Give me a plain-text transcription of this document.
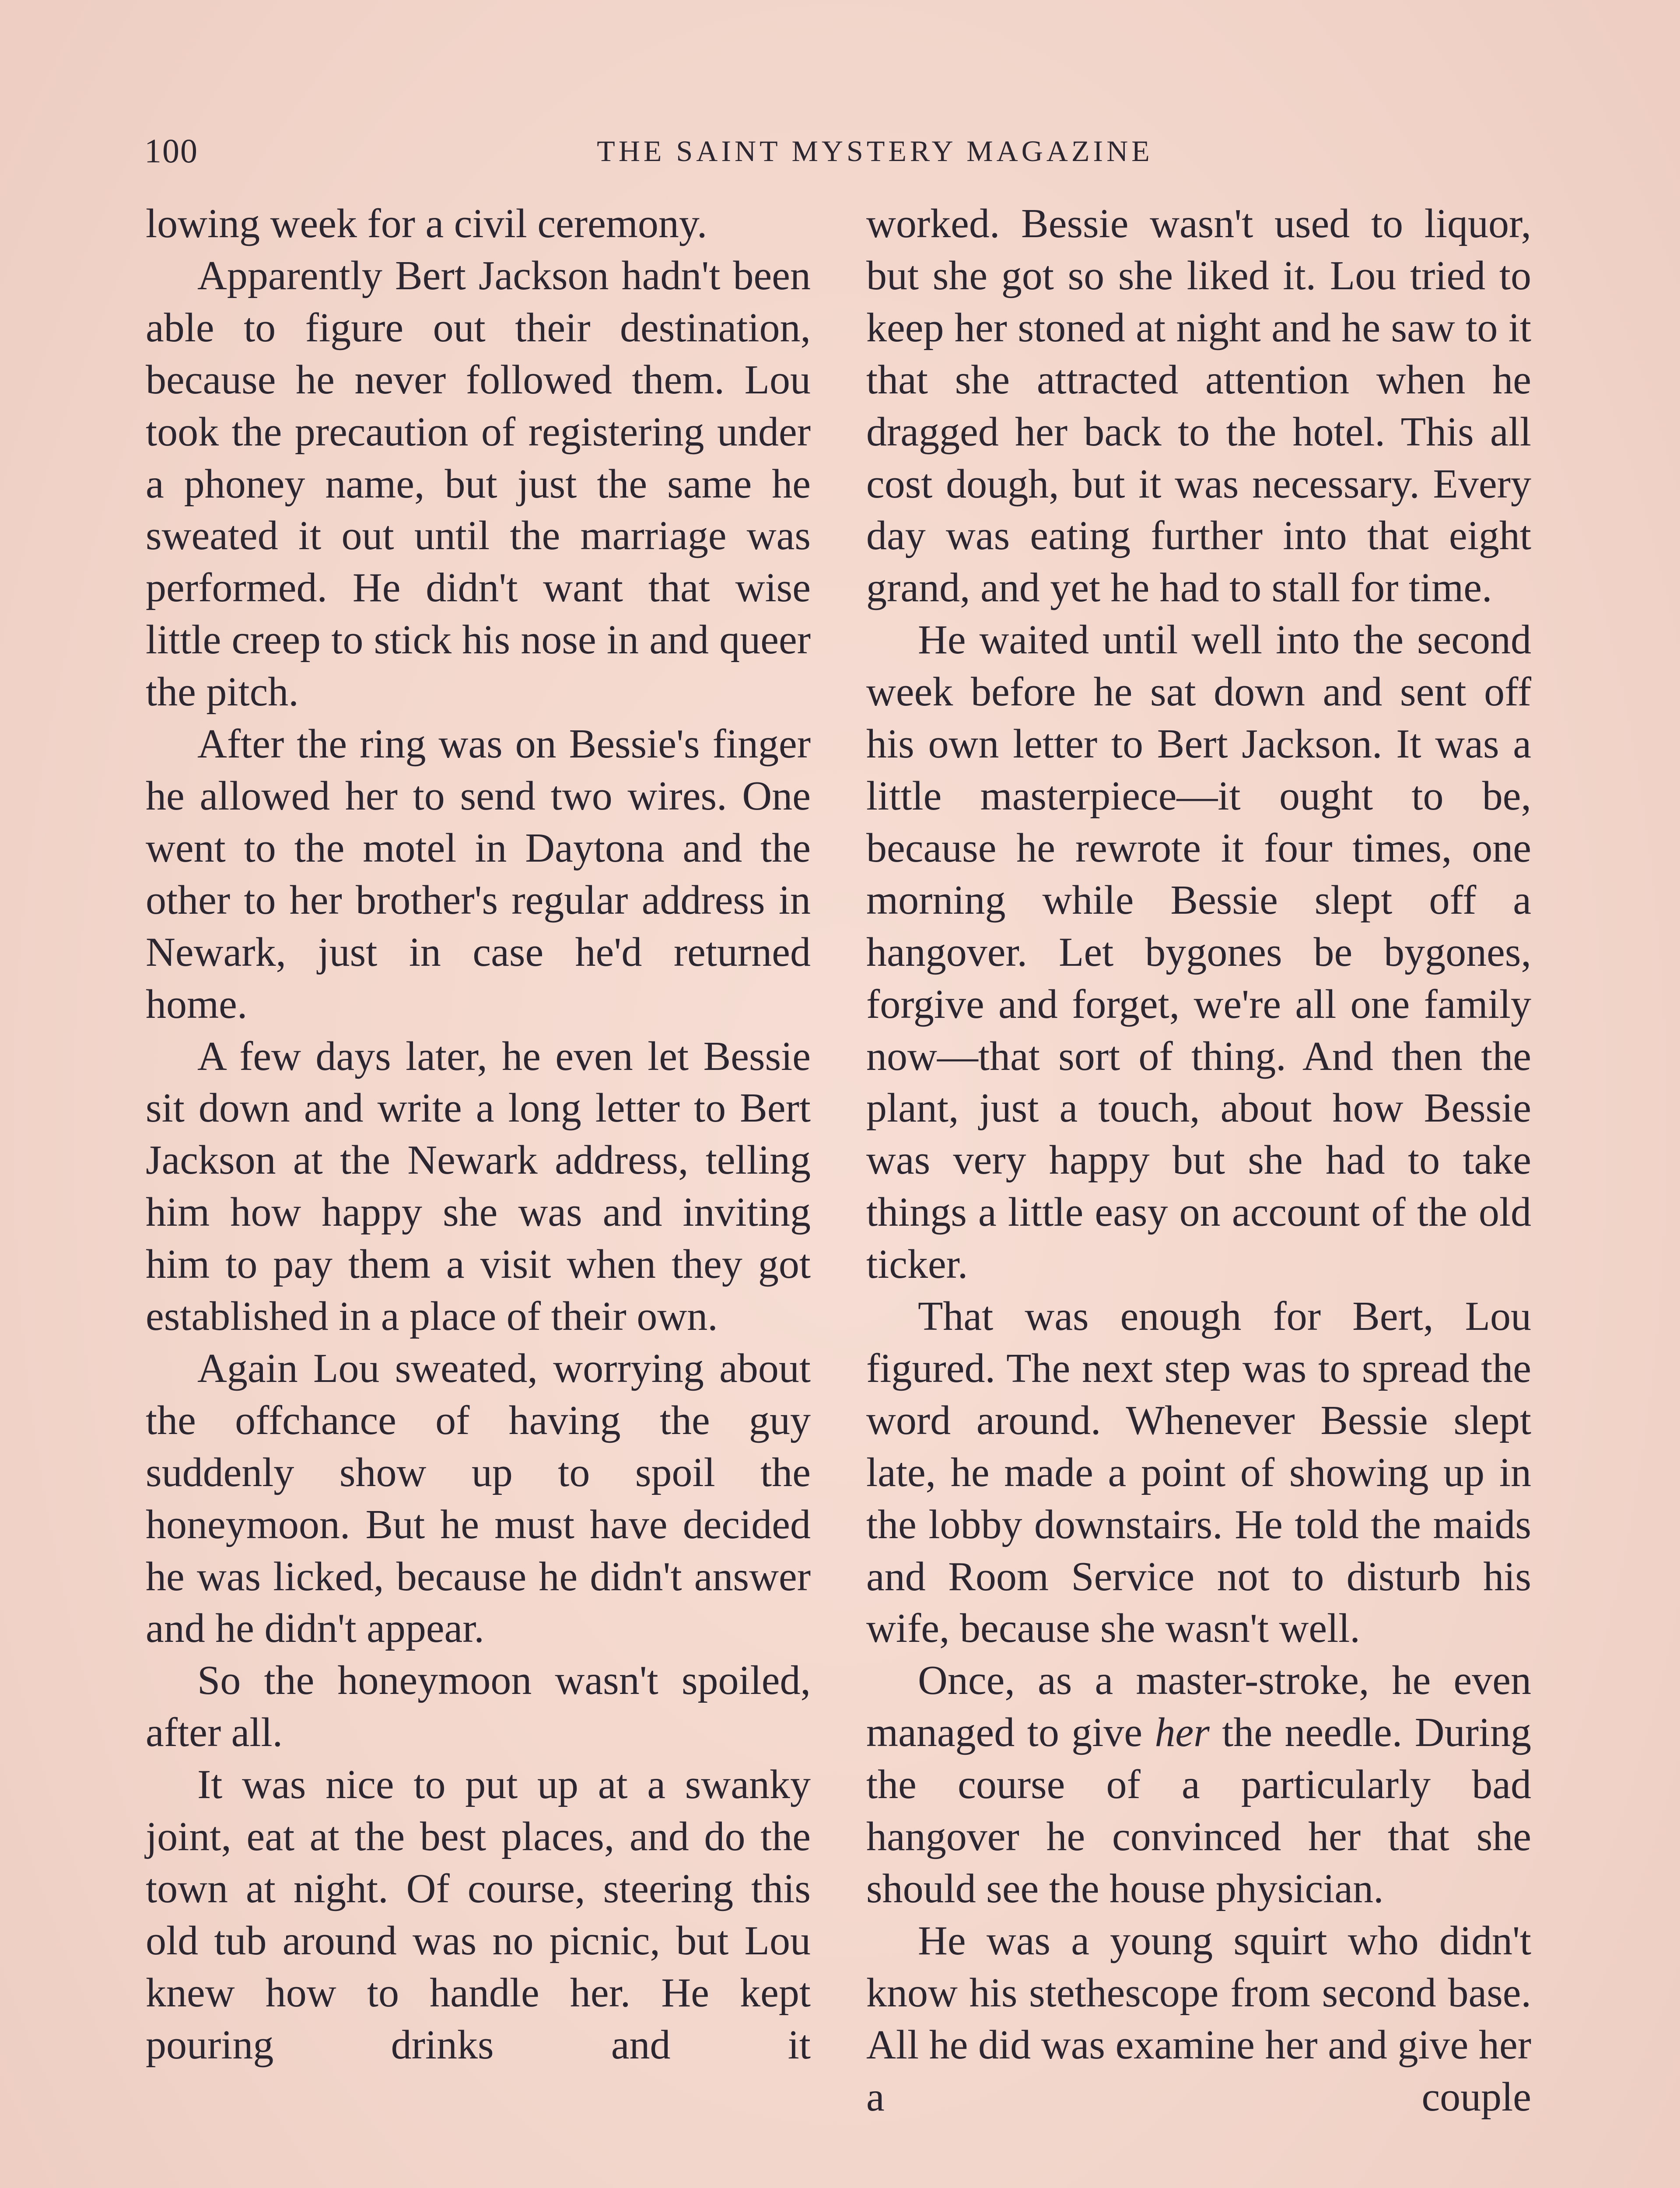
100	THE SAINT MYSTERY MAGAZINE

lowing week for a civil ceremony.

Apparently Bert Jackson hadn't been able to figure out their destination, because he never followed them. Lou took the precaution of registering under a phoney name, but just the same he sweated it out until the marriage was performed. He didn't want that wise little creep to stick his nose in and queer the pitch.

After the ring was on Bessie's finger he allowed her to send two wires. One went to the motel in Daytona and the other to her brother's regular address in Newark, just in case he'd returned home.

A few days later, he even let Bessie sit down and write a long letter to Bert Jackson at the Newark address, telling him how happy she was and inviting him to pay them a visit when they got established in a place of their own.

Again Lou sweated, worrying about the offchance of having the guy suddenly show up to spoil the honeymoon. But he must have decided he was licked, because he didn't answer and he didn't appear.

So the honeymoon wasn't spoiled, after all.

It was nice to put up at a swanky joint, eat at the best places, and do the town at night. Of course, steering this old tub around was no picnic, but Lou knew how to handle her. He kept pouring drinks and it

worked. Bessie wasn't used to liquor, but she got so she liked it. Lou tried to keep her stoned at night and he saw to it that she attracted attention when he dragged her back to the hotel. This all cost dough, but it was necessary. Every day was eating further into that eight grand, and yet he had to stall for time.

He waited until well into the second week before he sat down and sent off his own letter to Bert Jackson. It was a little masterpiece—it ought to be, because he rewrote it four times, one morning while Bessie slept off a hangover. Let bygones be bygones, forgive and forget, we're all one family now—that sort of thing. And then the plant, just a touch, about how Bessie was very happy but she had to take things a little easy on account of the old ticker.

That was enough for Bert, Lou figured. The next step was to spread the word around. Whenever Bessie slept late, he made a point of showing up in the lobby downstairs. He told the maids and Room Service not to disturb his wife, because she wasn't well.

Once, as a master-stroke, he even managed to give her the needle. During the course of a particularly bad hangover he convinced her that she should see the house physician.

He was a young squirt who didn't know his stethescope from second base. All he did was examine her and give her a couple
